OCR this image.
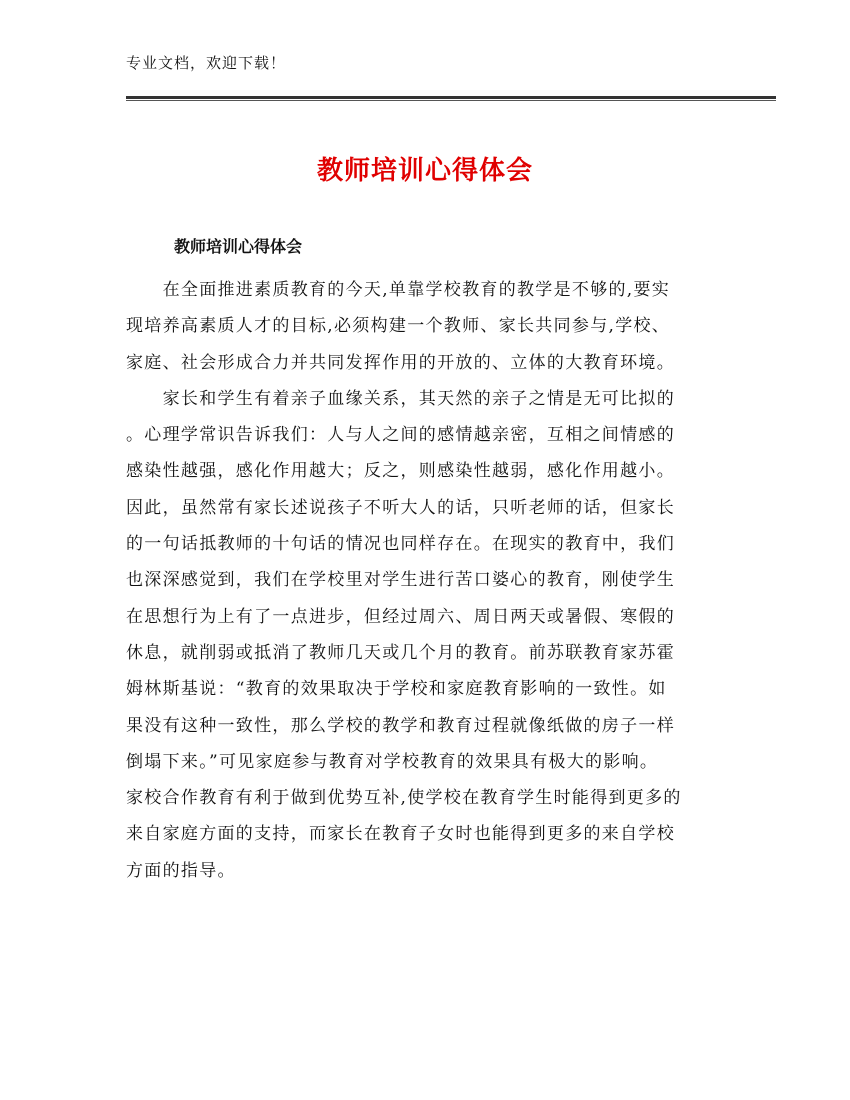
专业文档，欢迎下载！
教师培训心得体会
教师培训心得体会
　　在全面推进素质教育的今天,单靠学校教育的教学是不够的,要实
现培养高素质人才的目标,必须构建一个教师、家长共同参与,学校、
家庭、社会形成合力并共同发挥作用的开放的、立体的大教育环境。
　　家长和学生有着亲子血缘关系，其天然的亲子之情是无可比拟的
。心理学常识告诉我们：人与人之间的感情越亲密，互相之间情感的
感染性越强，感化作用越大；反之，则感染性越弱，感化作用越小。
因此，虽然常有家长述说孩子不听大人的话，只听老师的话，但家长
的一句话抵教师的十句话的情况也同样存在。在现实的教育中，我们
也深深感觉到，我们在学校里对学生进行苦口婆心的教育，刚使学生
在思想行为上有了一点进步，但经过周六、周日两天或暑假、寒假的
休息，就削弱或抵消了教师几天或几个月的教育。前苏联教育家苏霍
姆林斯基说：“教育的效果取决于学校和家庭教育影响的一致性。如
果没有这种一致性，那么学校的教学和教育过程就像纸做的房子一样
倒塌下来。”可见家庭参与教育对学校教育的效果具有极大的影响。
家校合作教育有利于做到优势互补,使学校在教育学生时能得到更多的
来自家庭方面的支持，而家长在教育子女时也能得到更多的来自学校
方面的指导。
